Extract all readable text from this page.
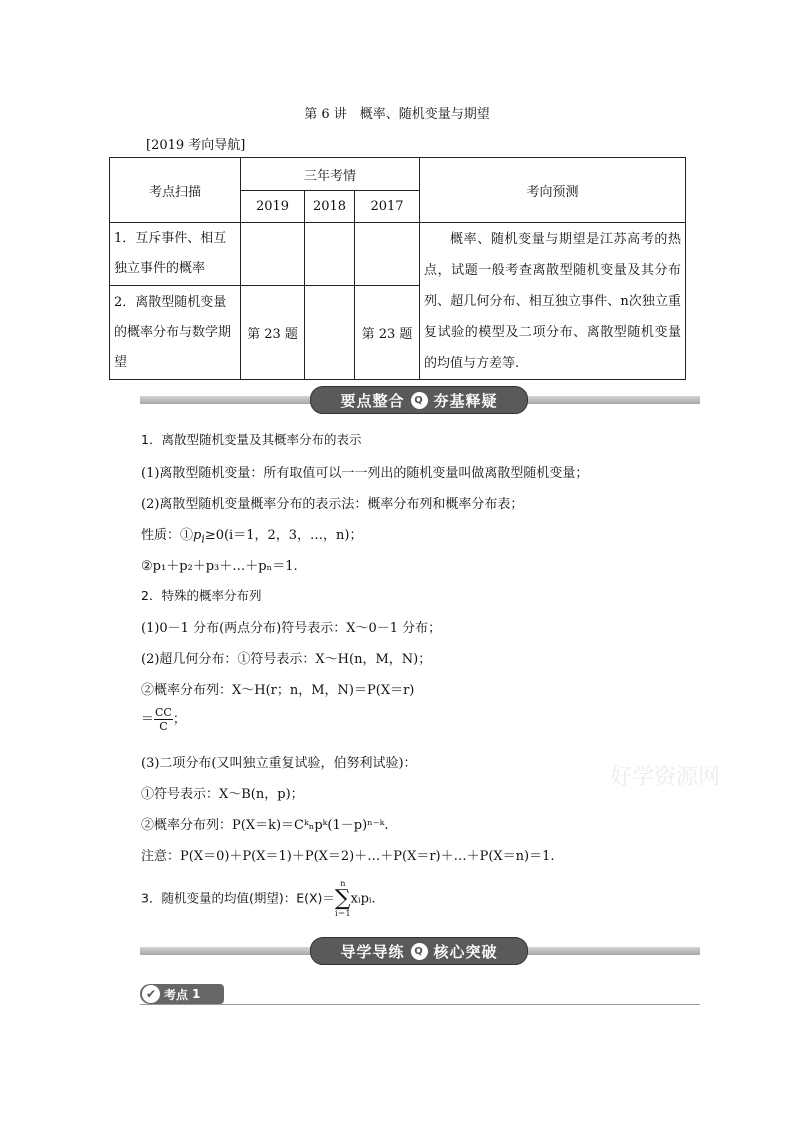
第 6 讲　概率、随机变量与期望
[2019 考向导航]
考点扫描	三年考情			考向预测
	2019	2018	2017	
1．互斥事件、相互独立事件的概率				概率、随机变量与期望是江苏高考的热点，试题一般考查离散型随机变量及其分布列、超几何分布、相互独立事件、n次独立重复试验的模型及二项分布、离散型随机变量的均值与方差等.
2．离散型随机变量的概率分布与数学期望	第 23 题		第 23 题	
要点整合 Q 夯基释疑
1．离散型随机变量及其概率分布的表示
(1)离散型随机变量：所有取值可以一一列出的随机变量叫做离散型随机变量；
(2)离散型随机变量概率分布的表示法：概率分布列和概率分布表；
性质：$①p_i\ge 0(i=1$，2，3，…，n)；
②p₁＋p₂＋p₃＋…＋pₙ＝1.
2．特殊的概率分布列
(1)0－1 分布(两点分布)符号表示：X～0－1 分布；
(2)超几何分布：①符号表示：X～H(n，M，N)；
②概率分布列：X～H(r；n，M，N)＝P(X＝r)
＝ $\frac{CC}{C}$ ；
(3)二项分布(又叫独立重复试验，伯努利试验)：
①符号表示：X～B(n，p)；
②概率分布列：P(X＝k)＝Cᵏₙpᵏ(1－p)ⁿ⁻ᵏ.
注意：P(X＝0)＋P(X＝1)＋P(X＝2)＋…＋P(X＝r)＋…＋P(X＝n)＝1.
3．随机变量的均值(期望)：E(X)＝
n
∑
i＝1
xᵢpᵢ.
好学资源网
导学导练 Q 核心突破
✔ 考点 1
